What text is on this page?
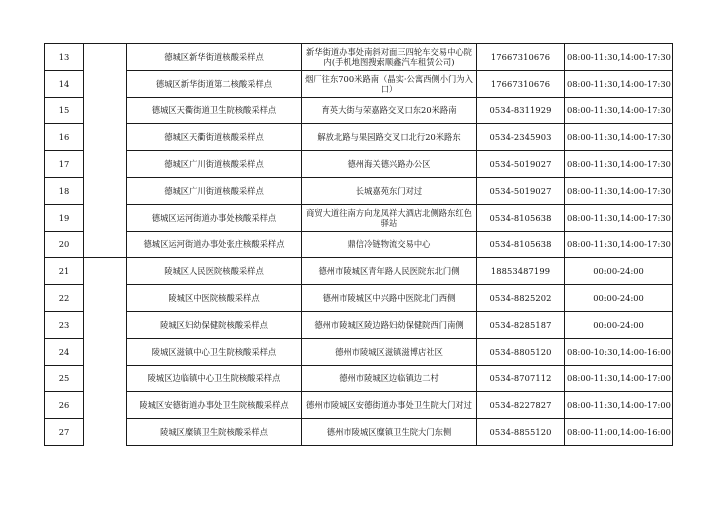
13		德城区新华街道核酸采样点	新华街道办事处南斜对面三四轮车交易中心院内(手机地图搜索顺鑫汽车租赁公司)	17667310676	08:00-11:30,14:00-17:30
14		德城区新华街道第二核酸采样点	烟厂往东700米路南（晶实·公寓西侧小门为入口）	17667310676	08:00-11:30,14:00-17:30
15		德城区天衢街道卫生院核酸采样点	育英大街与荣嘉路交叉口东20米路南	0534-8311929	08:00-11:30,14:00-17:30
16		德城区天衢街道核酸采样点	解放北路与果园路交叉口北行20米路东	0534-2345903	08:00-11:30,14:00-17:30
17		德城区广川街道核酸采样点	德州海关德兴路办公区	0534-5019027	08:00-11:30,14:00-17:30
18		德城区广川街道核酸采样点	长城嘉苑东门对过	0534-5019027	08:00-11:30,14:00-17:30
19		德城区运河街道办事处核酸采样点	商贸大道往南方向龙凤祥大酒店北侧路东红色驿站	0534-8105638	08:00-11:30,14:00-17:30
20		德城区运河街道办事处张庄核酸采样点	鼎信冷链物流交易中心	0534-8105638	08:00-11:30,14:00-17:30
21		陵城区人民医院核酸采样点	德州市陵城区青年路人民医院东北门侧	18853487199	00:00-24:00
22		陵城区中医院核酸采样点	德州市陵城区中兴路中医院北门西侧	0534-8825202	00:00-24:00
23		陵城区妇幼保健院核酸采样点	德州市陵城区陵边路妇幼保健院西门南侧	0534-8285187	00:00-24:00
24		陵城区滋镇中心卫生院核酸采样点	德州市陵城区滋镇滋博店社区	0534-8805120	08:00-10:30,14:00-16:00
25		陵城区边临镇中心卫生院核酸采样点	德州市陵城区边临镇边二村	0534-8707112	08:00-11:30,14:00-17:00
26		陵城区安德街道办事处卫生院核酸采样点	德州市陵城区安德街道办事处卫生院大门对过	0534-8227827	08:00-11:30,14:00-17:00
27		陵城区糜镇卫生院核酸采样点	德州市陵城区糜镇卫生院大门东侧	0534-8855120	08:00-11:00,14:00-16:00
